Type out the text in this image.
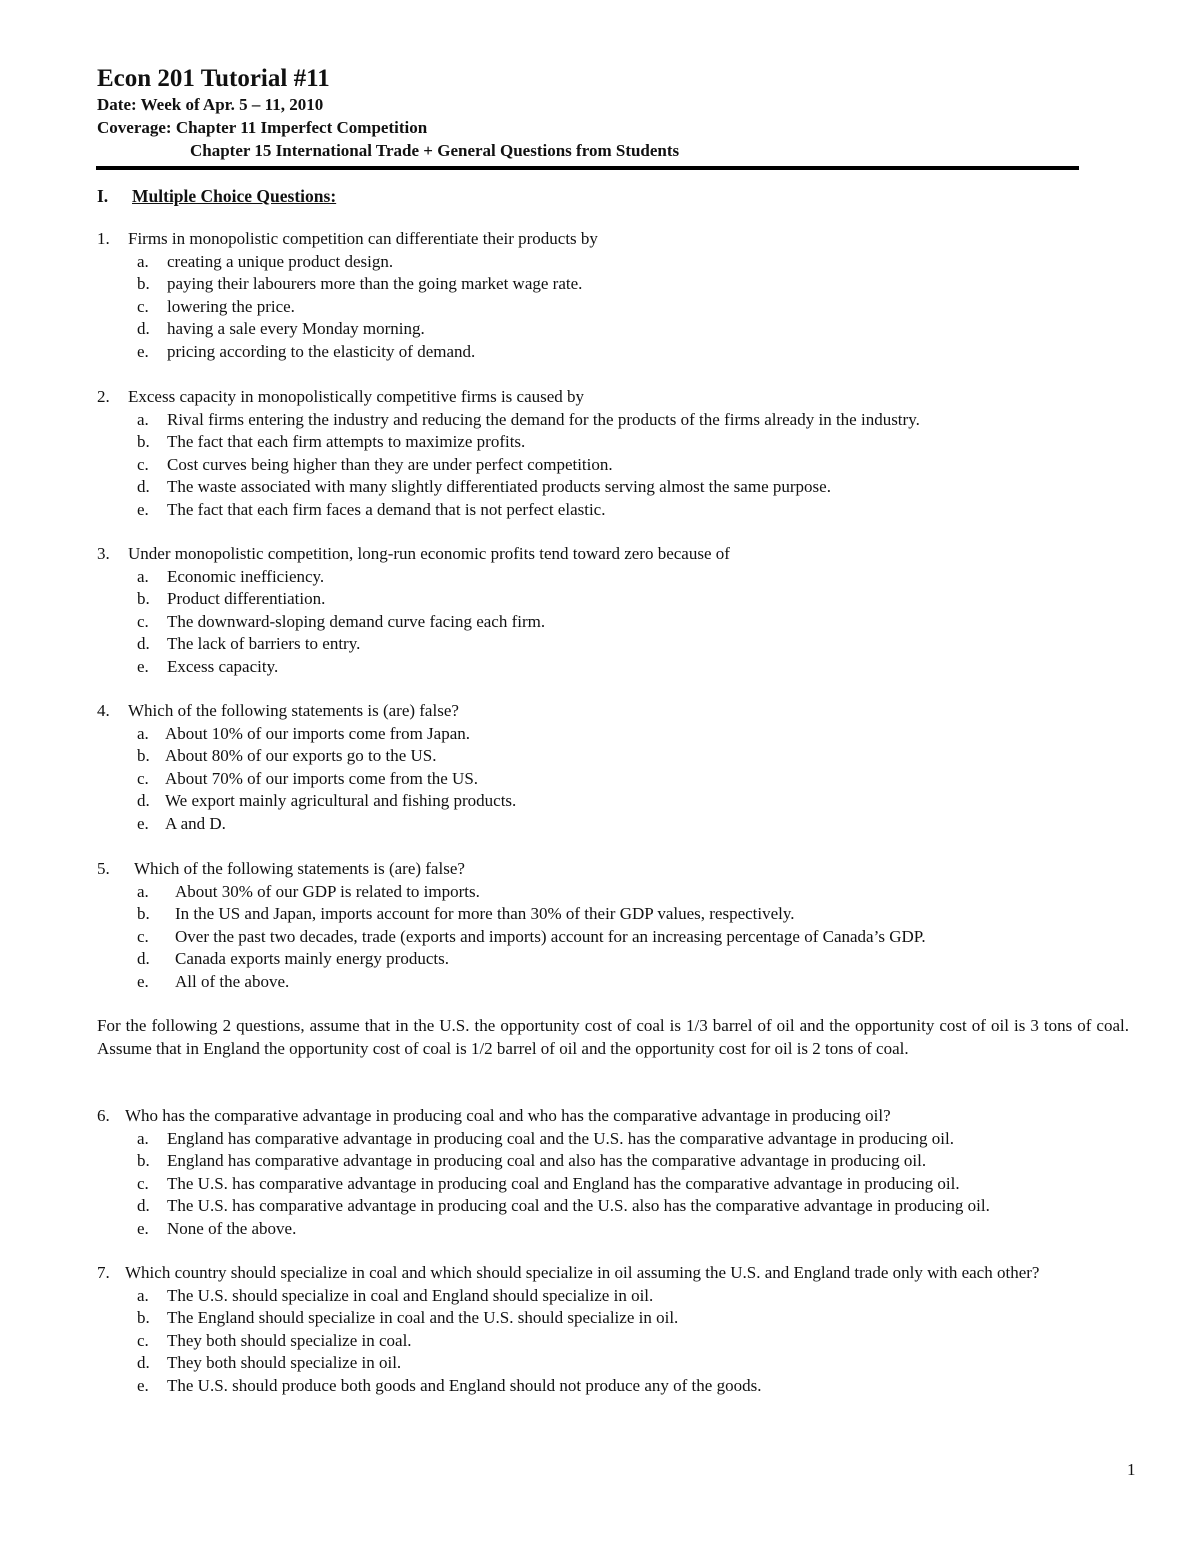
Econ 201 Tutorial #11
Date: Week of Apr. 5 – 11, 2010
Coverage: Chapter 11 Imperfect Competition
Chapter 15 International Trade + General Questions from Students
I. Multiple Choice Questions:
1.	Firms in monopolistic competition can differentiate their products by
a.	creating a unique product design.
b.	paying their labourers more than the going market wage rate.
c.	lowering the price.
d.	having a sale every Monday morning.
e.	pricing according to the elasticity of demand.
2.	Excess capacity in monopolistically competitive firms is caused by
a.	Rival firms entering the industry and reducing the demand for the products of the firms already in the industry.
b.	The fact that each firm attempts to maximize profits.
c.	Cost curves being higher than they are under perfect competition.
d.	The waste associated with many slightly differentiated products serving almost the same purpose.
e.	The fact that each firm faces a demand that is not perfect elastic.
3.	Under monopolistic competition, long-run economic profits tend toward zero because of
a.	Economic inefficiency.
b.	Product differentiation.
c.	The downward-sloping demand curve facing each firm.
d.	The lack of barriers to entry.
e.	Excess capacity.
4.	Which of the following statements is (are) false?
a. About 10% of our imports come from Japan.
b. About 80% of our exports go to the US.
c. About 70% of our imports come from the US.
d. We export mainly agricultural and fishing products.
e. A and D.
5.	Which of the following statements is (are) false?
a.	About 30% of our GDP is related to imports.
b.	In the US and Japan, imports account for more than 30% of their GDP values, respectively.
c.	Over the past two decades, trade (exports and imports) account for an increasing percentage of Canada’s GDP.
d.	Canada exports mainly energy products.
e.	All of the above.
For the following 2 questions, assume that in the U.S. the opportunity cost of coal is 1/3 barrel of oil and the opportunity cost of oil is 3 tons of coal. Assume that in England the opportunity cost of coal is 1/2 barrel of oil and the opportunity cost for oil is 2 tons of coal.
6. Who has the comparative advantage in producing coal and who has the comparative advantage in producing oil?
a.	England has comparative advantage in producing coal and the U.S. has the comparative advantage in producing oil.
b.	England has comparative advantage in producing coal and also has the comparative advantage in producing oil.
c.	The U.S. has comparative advantage in producing coal and England has the comparative advantage in producing oil.
d.	The U.S. has comparative advantage in producing coal and the U.S. also has the comparative advantage in producing oil.
e.	None of the above.
7. Which country should specialize in coal and which should specialize in oil assuming the U.S. and England trade only with each other?
a.	The U.S. should specialize in coal and England should specialize in oil.
b.	The England should specialize in coal and the U.S. should specialize in oil.
c.	They both should specialize in coal.
d.	They both should specialize in oil.
e.	The U.S. should produce both goods and England should not produce any of the goods.
1
